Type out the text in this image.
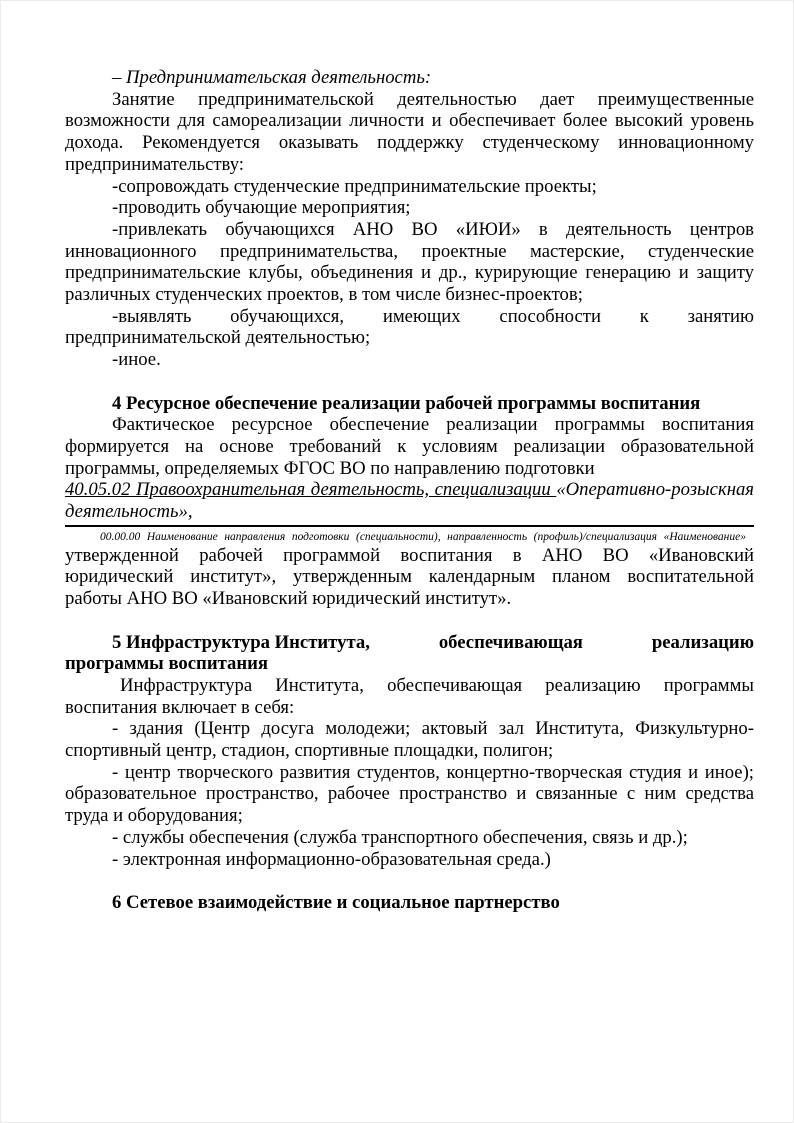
– Предпринимательская деятельность:

Занятие предпринимательской деятельностью дает преимущественные возможности для самореализации личности и обеспечивает более высокий уровень дохода. Рекомендуется оказывать поддержку студенческому инновационному предпринимательству:

-сопровождать студенческие предпринимательские проекты;

-проводить обучающие мероприятия;

-привлекать обучающихся АНО ВО «ИЮИ» в деятельность центров инновационного предпринимательства, проектные мастерские, студенческие предпринимательские клубы, объединения и др., курирующие генерацию и защиту различных студенческих проектов, в том числе бизнес-проектов;

-выявлять обучающихся, имеющих способности к занятию предпринимательской деятельностью;

-иное.

4 Ресурсное обеспечение реализации рабочей программы воспитания

Фактическое ресурсное обеспечение реализации программы воспитания формируется на основе требований к условиям реализации образовательной программы, определяемых ФГОС ВО по направлению подготовки

40.05.02 Правоохранительная деятельность, специализации «Оперативно-розыскная деятельность»,

00.00.00 Наименование направления подготовки (специальности), направленность (профиль)/специализация «Наименование»

утвержденной рабочей программой воспитания в АНО ВО «Ивановский юридический институт», утвержденным календарным планом воспитательной работы АНО ВО «Ивановский юридический институт».

5 Инфраструктура Института,	обеспечивающая	реализацию
программы воспитания

Инфраструктура Института, обеспечивающая реализацию программы воспитания включает в себя:

- здания (Центр досуга молодежи; актовый зал Института, Физкультурно-спортивный центр, стадион, спортивные площадки, полигон;

- центр творческого развития студентов, концертно-творческая студия и иное); образовательное пространство, рабочее пространство и связанные с ним средства труда и оборудования;

- службы обеспечения (служба транспортного обеспечения, связь и др.);

- электронная информационно-образовательная среда.)

6 Сетевое взаимодействие и социальное партнерство
